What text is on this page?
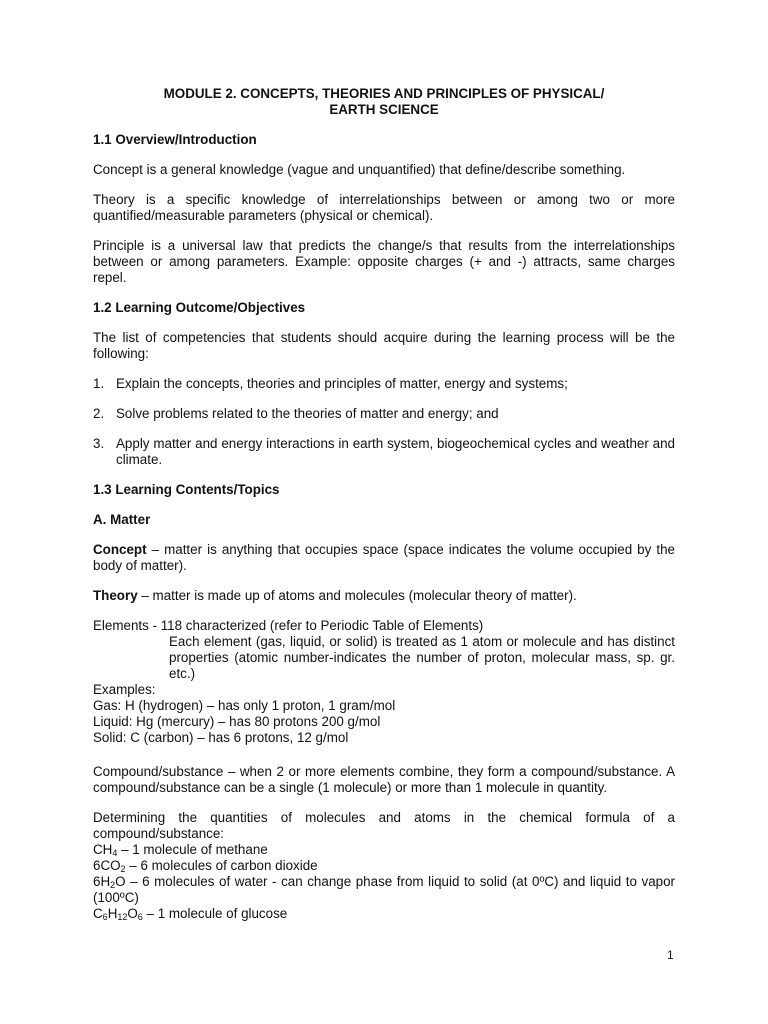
MODULE 2. CONCEPTS, THEORIES AND PRINCIPLES OF PHYSICAL/
EARTH SCIENCE
1.1 Overview/Introduction

Concept is a general knowledge (vague and unquantified) that define/describe something.

Theory is a specific knowledge of interrelationships between or among two or more quantified/measurable parameters (physical or chemical).

Principle is a universal law that predicts the change/s that results from the interrelationships between or among parameters. Example: opposite charges (+ and -) attracts, same charges repel.

1.2 Learning Outcome/Objectives

The list of competencies that students should acquire during the learning process will be the following:

1. Explain the concepts, theories and principles of matter, energy and systems;
2. Solve problems related to the theories of matter and energy; and
3. Apply matter and energy interactions in earth system, biogeochemical cycles and weather and climate.
1.3 Learning Contents/Topics
A. Matter

Concept – matter is anything that occupies space (space indicates the volume occupied by the body of matter).

Theory – matter is made up of atoms and molecules (molecular theory of matter).

Elements - 118 characterized (refer to Periodic Table of Elements)
Each element (gas, liquid, or solid) is treated as 1 atom or molecule and has distinct properties (atomic number-indicates the number of proton, molecular mass, sp. gr. etc.)
Examples:
Gas: H (hydrogen) – has only 1 proton, 1 gram/mol
Liquid: Hg (mercury) – has 80 protons 200 g/mol
Solid: C (carbon) – has 6 protons, 12 g/mol

Compound/substance – when 2 or more elements combine, they form a compound/substance. A compound/substance can be a single (1 molecule) or more than 1 molecule in quantity.

Determining the quantities of molecules and atoms in the chemical formula of a compound/substance:

$CH_4 - 1$ molecule of methane
$6CO_2 - 6$ molecules of carbon dioxide
$6H_2O - 6$ molecules of water - can change phase from liquid to solid (at 0ºC) and liquid to vapor (100ºC)
$C_6H_{12}O_6 - 1$ molecule of glucose
1
